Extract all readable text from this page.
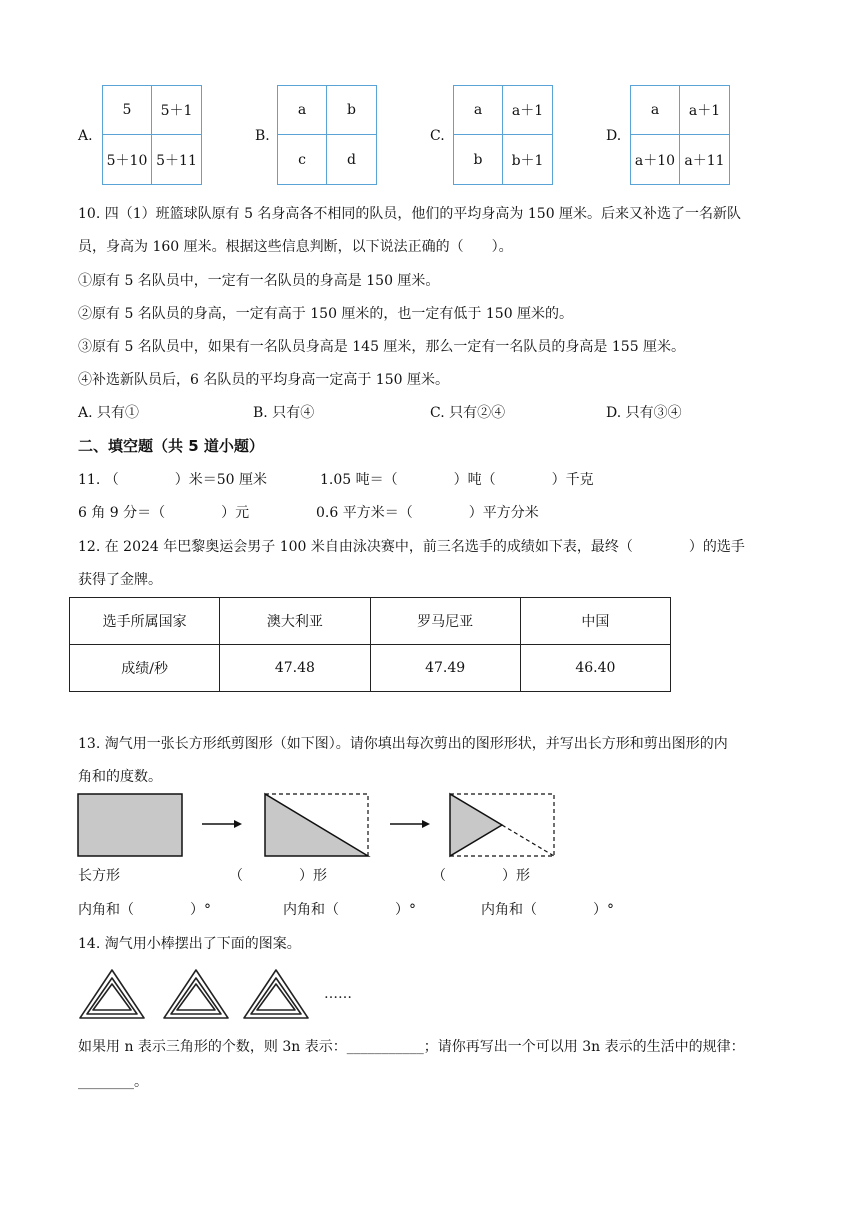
A.
5	5＋1
5＋10 5＋11
B.
a	b
c	d
C.
a	a＋1
b	b＋1
D.
a	a＋1
a＋10 a＋11
10. 四（1）班篮球队原有 5 名身高各不相同的队员，他们的平均身高为 150 厘米。后来又补选了一名新队
员，身高为 160 厘米。根据这些信息判断，以下说法正确的（　　）。
①原有 5 名队员中，一定有一名队员的身高是 150 厘米。
②原有 5 名队员的身高，一定有高于 150 厘米的，也一定有低于 150 厘米的。
③原有 5 名队员中，如果有一名队员身高是 145 厘米，那么一定有一名队员的身高是 155 厘米。
④补选新队员后，6 名队员的平均身高一定高于 150 厘米。
A. 只有①	B. 只有④	C. 只有②④	D. 只有③④
二、填空题（共 5 道小题）
11. （　　　　）米＝50 厘米	1.05 吨＝（　　　　）吨（　　　　）千克
6 角 9 分＝（　　　　）元	0.6 平方米＝（　　　　）平方分米
12. 在 2024 年巴黎奥运会男子 100 米自由泳决赛中，前三名选手的成绩如下表，最终（　　　　）的选手
获得了金牌。
选手所属国家	澳大利亚	罗马尼亚	中国
成绩/秒	47.48	47.49	46.40
13. 淘气用一张长方形纸剪图形（如下图）。请你填出每次剪出的图形形状，并写出长方形和剪出图形的内
角和的度数。
长方形	（　　　　）形	（　　　　）形
内角和（　　　　）°	内角和（　　　　）°	内角和（　　　　）°
14. 淘气用小棒摆出了下面的图案。
……
如果用 n 表示三角形的个数，则 3n 表示：___________；请你再写出一个可以用 3n 表示的生活中的规律：
________。
